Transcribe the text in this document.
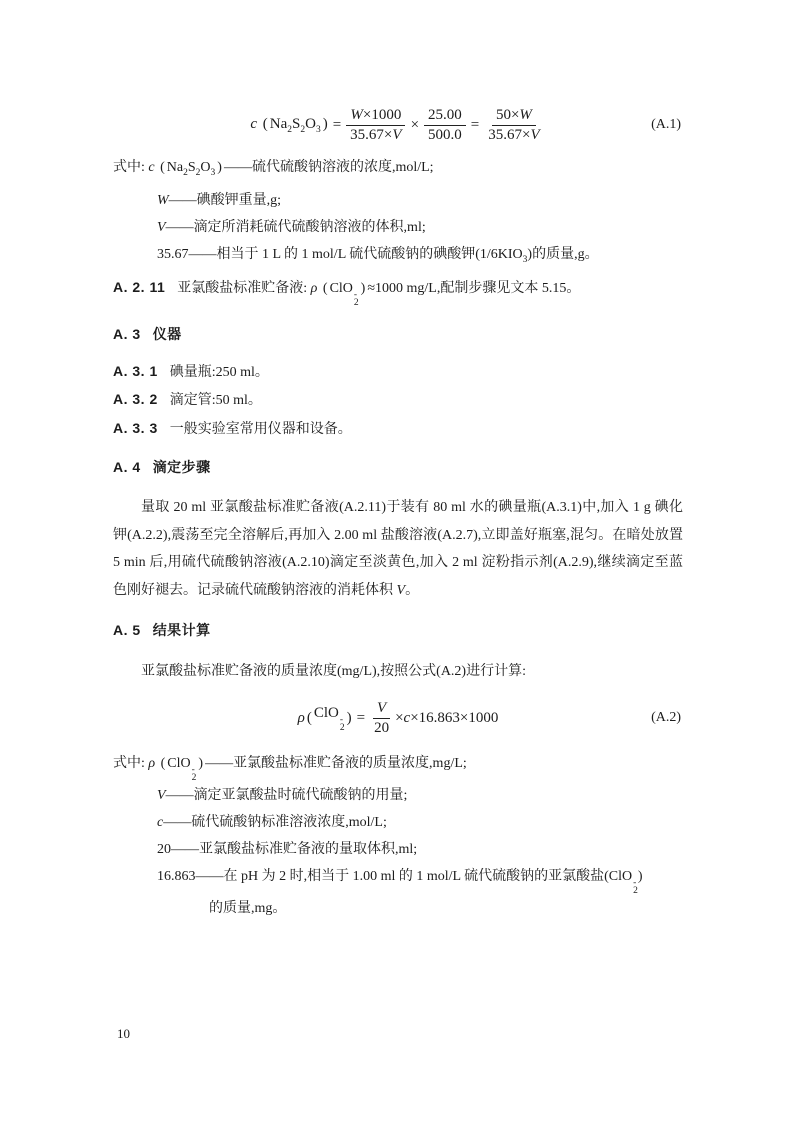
c ( $Na_2S_2O_3$ ) = $\frac{W\times 1000}{35.67\times V} \times \frac{25.00}{500.0} = \frac{50\times W}{35.67\times V}$	(A.1)
式中: c ( $Na_2S_2O_3$ ) ——硫代硫酸钠溶液的浓度,mol/L;
W——碘酸钾重量,g;
V——滴定所消耗硫代硫酸钠溶液的体积,ml;
35.67——相当于 1 L 的 1 mol/L 硫代硫酸钠的碘酸钾$(1/6KIO_3)$的质量,g。
A. 2. 11 亚氯酸盐标准贮备液: ρ ( ClO -
2
) ≈1000 mg/L,配制步骤见文本 5.15。
A. 3 仪器
A. 3. 1 碘量瓶:250 ml。
A. 3. 2 滴定管:50 ml。
A. 3. 3 一般实验室常用仪器和设备。
A. 4 滴定步骤
量取 20 ml 亚氯酸盐标准贮备液(A.2.11)于装有 80 ml 水的碘量瓶(A.3.1)中,加入 1 g 碘化钾(A.2.2),震荡至完全溶解后,再加入 2.00 ml 盐酸溶液(A.2.7),立即盖好瓶塞,混匀。在暗处放置 5 min 后,用硫代硫酸钠溶液(A.2.10)滴定至淡黄色,加入 2 ml 淀粉指示剂(A.2.9),继续滴定至蓝色刚好褪去。记录硫代硫酸钠溶液的消耗体积 V。
A. 5 结果计算
亚氯酸盐标准贮备液的质量浓度(mg/L),按照公式(A.2)进行计算:
ρ ( ClO -
2
) = $\frac{V}{20} \times c \times 16.863\times 1000$	(A.2)
式中: ρ ( ClO -
2
) ——亚氯酸盐标准贮备液的质量浓度,mg/L;
V——滴定亚氯酸盐时硫代硫酸钠的用量;
c——硫代硫酸钠标准溶液浓度,mol/L;
20——亚氯酸盐标准贮备液的量取体积,ml;
16.863——在 pH 为 2 时,相当于 1.00 ml 的 1 mol/L 硫代硫酸钠的亚氯酸盐(ClO -
2
)
的质量,mg。
10
